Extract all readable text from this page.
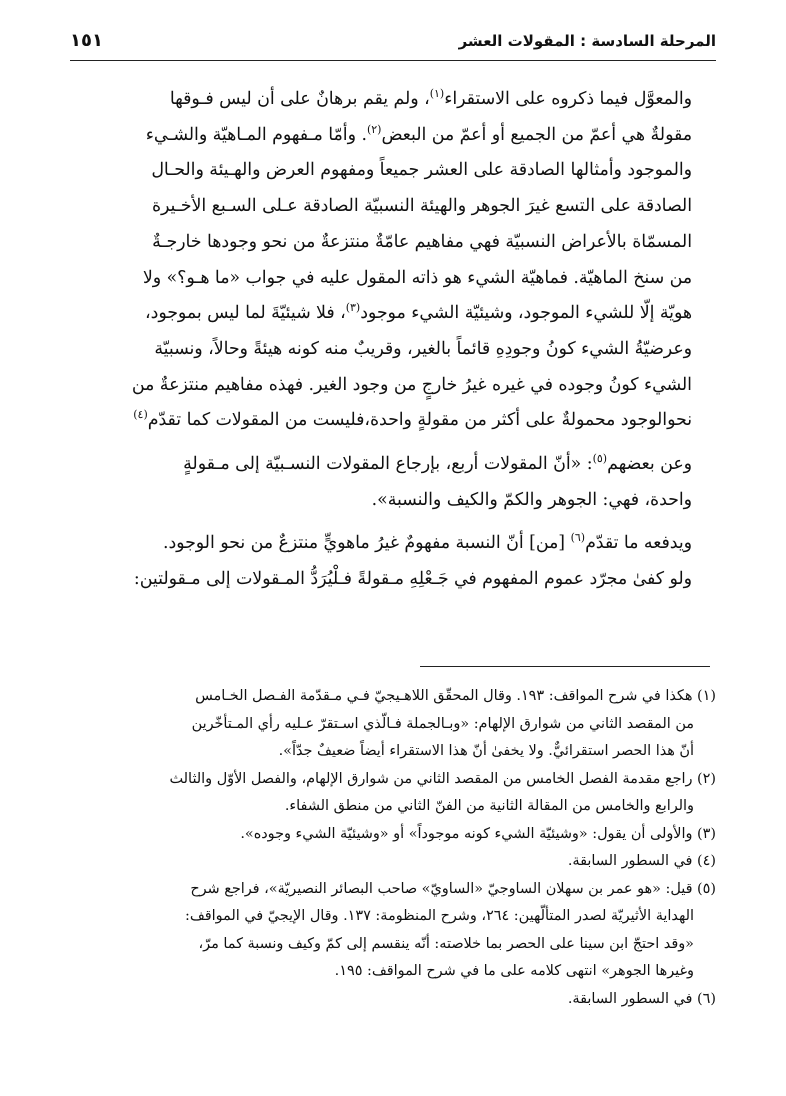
المرحلة السادسة : المقولات العشر
١٥١

والمعوَّل فيما ذكروه على الاستقراء$^{(١)}$، ولم يقم برهانٌ على أن ليس فـوقها
مقولةٌ هي أعمّ من الجميع أو أعمّ من البعض$^{(٢)}$. وأمّا مـفهوم المـاهيّة والشـيء
والموجود وأمثالها الصادقة على العشر جميعاً ومفهوم العرض والهـيئة والحـال
الصادقة على التسع غيرَ الجوهر والهيئة النسبيّة الصادقة عـلى السـبع الأخـيرة
المسمّاة بالأعراض النسبيّة فهي مفاهيم عامّةٌ منتزعةٌ من نحو وجودها خارجـةٌ
من سنخ الماهيّة. فماهيّة الشيء هو ذاته المقول عليه في جواب «ما هـو؟» ولا
هويّة إلّا للشيء الموجود، وشيئيّة الشيء موجود$^{(٣)}$، فلا شيئيّةَ لما ليس بموجود،
وعرضيّةُ الشيء كونُ وجودِهِ قائماً بالغير، وقريبٌ منه كونه هيئةً وحالاً، ونسبيّة
الشيء كونُ وجوده في غيره غيرُ خارجٍ من وجود الغير. فهذه مفاهيم منتزعةٌ من
نحوالوجود محمولةٌ على أكثر من مقولةٍ واحدة،فليست من المقولات كما تقدّم$^{(٤)}$

وعن بعضهم$^{(٥)}$: «أنّ المقولات أربع، بإرجاع المقولات النسـبيّة إلى مـقولةٍ
واحدة، فهي: الجوهر والكمّ والكيف والنسبة».

ويدفعه ما تقدّم$^{(٦)}$ [من] أنّ النسبة مفهومٌ غيرُ ماهويٍّ منتزعٌ من نحو الوجود.
ولو كفىٰ مجرّد عموم المفهوم في جَـعْلِهِ مـقولةً فـلْيُرَدُّ المـقولات إلى مـقولتين:

(١) هكذا في شرح المواقف: ١٩٣. وقال المحقّق اللاهـيجيّ فـي مـقدّمة الفـصل الخـامس
من المقصد الثاني من شوارق الإلهام: «وبـالجملة فـالّذي اسـتقرّ عـليه رأي المـتأخّرين
أنّ هذا الحصر استقرائيٌّ. ولا يخفىٰ أنّ هذا الاستقراء أيضاً ضعيفٌ جدّاً».
(٢) راجع مقدمة الفصل الخامس من المقصد الثاني من شوارق الإلهام، والفصل الأوّل والثالث
والرابع والخامس من المقالة الثانية من الفنّ الثاني من منطق الشفاء.
(٣) والأولى أن يقول: «وشيئيّة الشيء كونه موجوداً» أو «وشيئيّة الشيء وجوده».
(٤) في السطور السابقة.
(٥) قيل: «هو عمر بن سهلان الساوجيّ «الساويّ» صاحب البصائر النصيريّة»، فراجع شرح
الهداية الأثيريّة لصدر المتألّهين: ٢٦٤، وشرح المنظومة: ١٣٧. وقال الإيجيّ في المواقف:
«وقد احتجّ ابن سينا على الحصر بما خلاصته: أنّه ينقسم إلى كمّ وكيف ونسبة كما مرّ،
وغيرها الجوهر» انتهى كلامه على ما في شرح المواقف: ١٩٥.
(٦) في السطور السابقة.
